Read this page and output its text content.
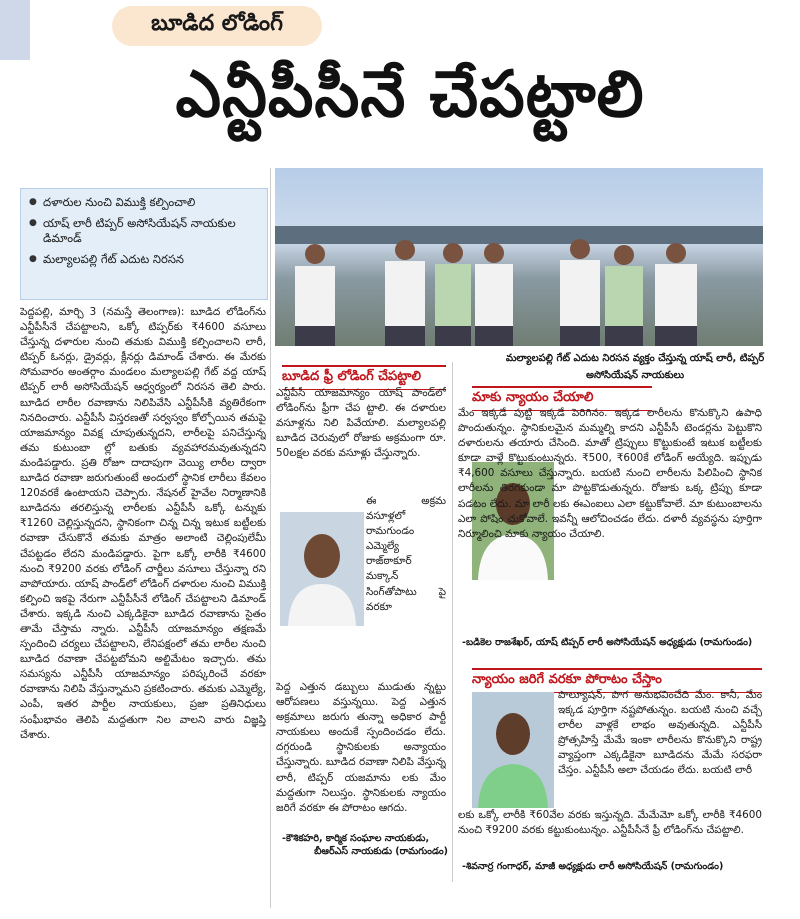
బూడిద లోడింగ్
ఎన్టీపీసీనే చేపట్టాలి
● దళారుల నుంచి విముక్తి కల్పించాలి
● యాష్ లారీ టిప్పర్ అసోసియేషన్ నాయకుల డిమాండ్
● మల్యాలపల్లి గేట్ ఎదుట నిరసన

పెద్దపల్లి, మార్చి 3 (నమస్తే తెలంగాణ): బూడిద లోడింగ్‌ను ఎన్టీపీసీనే చేపట్టాలని, ఒక్కో టిప్పర్‌కు ₹4600 వసూలు చేస్తున్న దళారుల నుంచి తమకు విముక్తి కల్పించాలని లారీ, టిప్పర్ ఓనర్లు, డ్రైవర్లు, క్లీనర్లు డిమాండ్ చేశారు. ఈ మేరకు సోమవారం అంతర్గాం మండలం మల్యాలపల్లి గేట్ వద్ద యాష్ టిప్పర్ లారీ అసోసియేషన్ ఆధ్వర్యంలో నిరసన తెలి పారు. బూడిద లారీల రవాణాను నిలిపివేసి ఎన్టీపీసీకి వ్యతిరేకంగా నినదించారు. ఎన్టీపీసీ విస్తరణతో సర్వస్వం కోల్పోయిన తమపై యాజమాన్యం వివక్ష చూపుతున్నదని, లారీలపై పనిచేస్తున్న తమ కుటుంబా ల్లో బతుకు వ్యవహారమవుతున్నదని మండిపడ్డారు. ప్రతి రోజూ దాదాపుగా వెయ్యి లారీల ద్వారా బూడిద రవాణా జరుగుతుంటే అందులో స్థానిక లారీలు కేవలం 120వరకే ఉంటాయని చెప్పారు. నేషనల్ హైవేల నిర్మాణానికి బూడిదను తరలిస్తున్న లారీలకు ఎన్టీపీసీ ఒక్కో టన్నుకు ₹1260 చెల్లిస్తున్నదని, స్థానికంగా చిన్న చిన్న ఇటుక బట్టీలకు రవాణా చేసుకొనే తమకు మాత్రం అలాంటి చెల్లింపులేమీ చేపట్టడం లేదని మండిపడ్డారు. పైగా ఒక్కో లారీకి ₹4600 నుంచి ₹9200 వరకు లోడింగ్ చార్జీలు వసూలు చేస్తున్నా రని వాపోయారు. యాష్ పాండ్‌లో లోడింగ్ దళారుల నుంచి విముక్తి కల్పించి ఇకపై నేరుగా ఎన్టీపీసీనే లోడింగ్ చేపట్టాలని డిమాండ్ చేశారు. ఇక్కడి నుంచి ఎక్కడికైనా బూడిద రవాణాను సైతం తామే చేస్తామ న్నారు. ఎన్టీపీసీ యాజమాన్యం తక్షణమే స్పందించి చర్యలు చేపట్టాలని, లేనిపక్షంలో తమ లారీల నుంచి బూడిద రవాణా చేపట్టబోమని అల్టిమేటం ఇచ్చారు. తమ సమస్యను ఎన్టీపీసీ యాజమాన్యం పరిష్కరించే వరకూ రవాణాను నిలిపి వేస్తున్నామని ప్రకటించారు. తమకు ఎమ్మెల్యే, ఎంపీ, ఇతర పార్టీల నాయకులు, ప్రజా ప్రతినిధులు సంఘీభావం తెలిపి మద్దతుగా నిల వాలని వారు విజ్ఞప్తి చేశారు.

మల్యాలపల్లి గేట్ ఎదుట నిరసన వ్యక్తం చేస్తున్న యాష్ లారీ, టిప్పర్ అసోసియేషన్ నాయకులు
బూడిద ఫ్రీ లోడింగ్ చేపట్టాలి
ఎన్టీపీసీ యాజమాన్యం యాష్ పాండ్‌లో లోడింగ్‌ను ఫ్రీగా చేప ట్టాలి. ఈ దళారుల వసూళ్లను నిలి పివేయాలి. మల్యాలపల్లి బూడిద చెరువులో రోజుకు అక్రమంగా రూ. 50లక్షల వరకు వసూళ్లు చేస్తున్నారు.
ఈ అక్రమ వసూళ్లలో రామగుండం ఎమ్మెల్యే రాజ్‌ఠాకూర్ మక్కాన్ సింగ్‌తోపాటు పై వరకూ
పెద్ద ఎత్తున డబ్బులు ముడుతు న్నట్టు ఆరోపణలు వస్తున్నయి. పెద్ద ఎత్తున అక్రమాలు జరుగు తున్నా అధికార పార్టీ నాయకులు అందుకే స్పందించడం లేదు. దగ్గరుండి స్థానికులకు అన్యాయం చేస్తున్నారు. బూడిద రవాణా నిలిపి వేస్తున్న లారీ, టిప్పర్ యజమాను లకు మేం మద్దతుగా నిలుస్తం. స్థానికులకు న్యాయం జరిగే వరకూ ఈ పోరాటం ఆగదు.
-కౌశికహరి, కార్మిక సంఘాల నాయకుడు,
బీఆర్‌ఎస్ నాయకుడు (రామగుండం)
మాకు న్యాయం చేయాలి
మేం ఇక్కడే పుట్టి ఇక్కడే పెరిగినం. ఇక్కడ లారీలను కొనుక్కొని ఉపాధి పొందుతున్నం. స్థానికులమైన మమ్మల్ని కాదని ఎన్టీపీసీ టెండర్లను పెట్టుకొని దళారులను తయారు చేసింది. మాతో ట్రిప్పులు కొట్టుకుంటే ఇటుక బట్టీలకు కూడా వాళ్లే కొట్టుకుంటున్నరు. ₹500, ₹600కే లోడింగ్ అయ్యేది. ఇప్పుడు ₹4,600 వసూలు చేస్తున్నారు. బయటి నుంచి లారీలను పిలిపించి స్థానిక లారీలను తిరగకుండా మా పొట్టకొడుతున్నరు. రోజుకు ఒక్క ట్రిప్పు కూడా పడటం లేదు. మా లారీ లకు ఈఎంఐలు ఎలా కట్టుకోవాలే. మా కుటుంబాలను ఎలా పోషిం చుకోవాలే. ఇవన్నీ ఆలోచించడం లేదు. దళారీ వ్యవస్థను పూర్తిగా నిర్మూలించి మాకు న్యాయం చేయాలి.
-బడికెల రాజశేఖర్, యాష్ టిప్పర్ లారీ అసోసియేషన్ అధ్యక్షుడు (రామగుండం)
న్యాయం జరిగే వరకూ పోరాటం చేస్తాం
పొల్యూషన్, పొగ అనుభవించేది మేం. కానీ, మేం ఇక్కడ పూర్తిగా నష్టపోతున్నం. బయటి నుంచి వచ్చే లారీల వాళ్లకే లాభం అవుతున్నది. ఎన్టీపీసీ ప్రోత్సహిస్తే మేమే ఇంకా లారీలను కొనుక్కొని రాష్ట్ర వ్యాప్తంగా ఎక్కడికైనా బూడిదను మేమే సరఫరా చేస్తం. ఎన్టీపీసీ అలా చేయడం లేదు. బయటి లారీ
లకు ఒక్కో లారీకి ₹60వేల వరకు ఇస్తున్నది. మేమేమో ఒక్కో లారీకి ₹4600 నుంచి ₹9200 వరకు కట్టుకుంటున్నం. ఎన్టీపీసీనే ఫ్రీ లోడింగ్‌ను చేపట్టాలి.
-శివనార్ర గంగాధర్, మాజీ అధ్యక్షుడు లారీ అసోసియేషన్ (రామగుండం)
